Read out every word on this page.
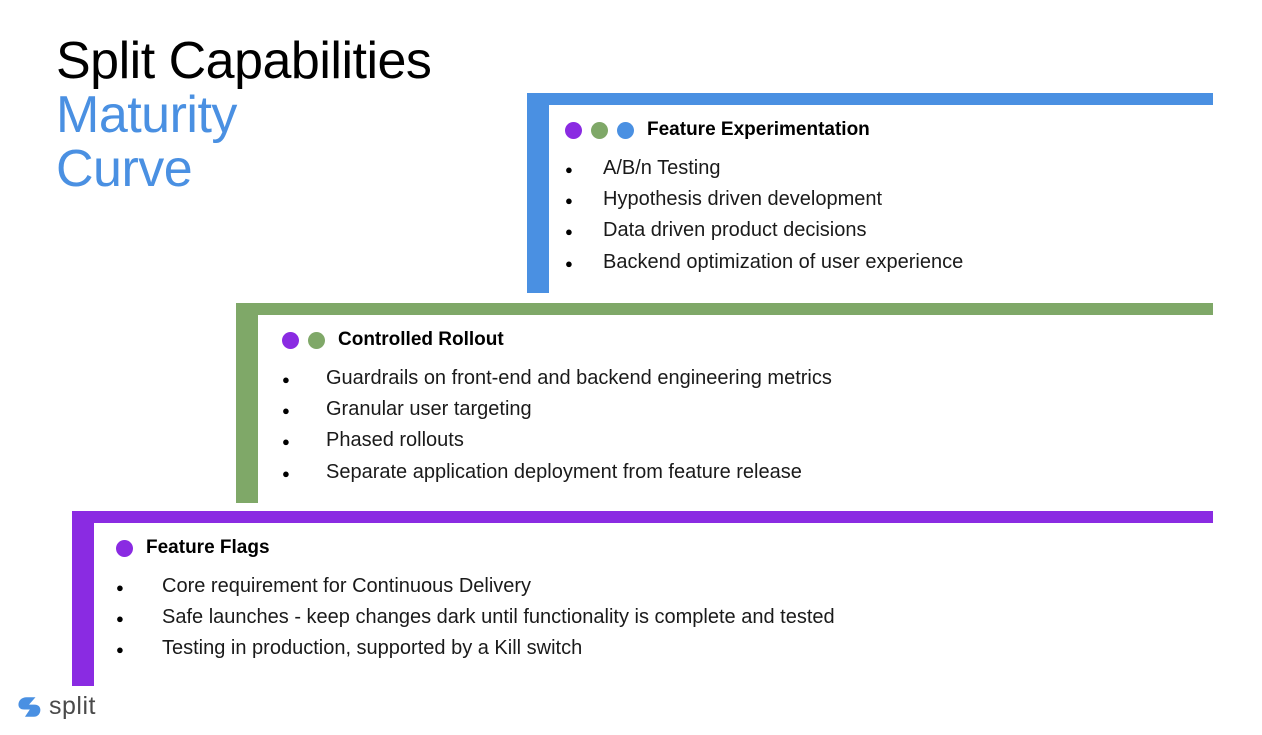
Split Capabilities
Maturity
Curve
Feature Experimentation
●	A/B/n Testing
●	Hypothesis driven development
●	Data driven product decisions
●	Backend optimization of user experience
Controlled Rollout
●	Guardrails on front-end and backend engineering metrics
●	Granular user targeting
●	Phased rollouts
●	Separate application deployment from feature release
Feature Flags
●	Core requirement for Continuous Delivery
●	Safe launches - keep changes dark until functionality is complete and tested
●	Testing in production, supported by a Kill switch
split
